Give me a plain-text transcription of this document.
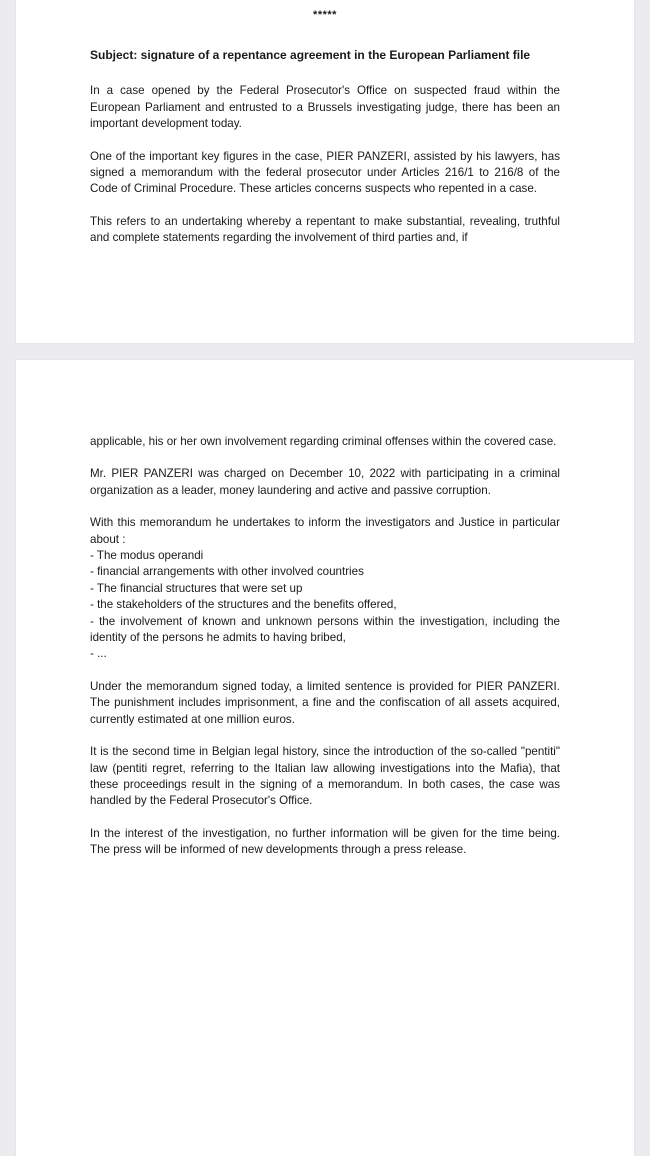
*****

Subject: signature of a repentance agreement in the European Parliament file

In a case opened by the Federal Prosecutor's Office on suspected fraud within the European Parliament and entrusted to a Brussels investigating judge, there has been an important development today.

One of the important key figures in the case, PIER PANZERI, assisted by his lawyers, has signed a memorandum with the federal prosecutor under Articles 216/1 to 216/8 of the Code of Criminal Procedure. These articles concerns suspects who repented in a case.

This refers to an undertaking whereby a repentant to make substantial, revealing, truthful and complete statements regarding the involvement of third parties and, if

applicable, his or her own involvement regarding criminal offenses within the covered case.

Mr. PIER PANZERI was charged on December 10, 2022 with participating in a criminal organization as a leader, money laundering and active and passive corruption.

With this memorandum he undertakes to inform the investigators and Justice in particular about :

- The modus operandi
- financial arrangements with other involved countries
- The financial structures that were set up
- the stakeholders of the structures and the benefits offered,
- the involvement of known and unknown persons within the investigation, including the identity of the persons he admits to having bribed,
- ...

Under the memorandum signed today, a limited sentence is provided for PIER PANZERI. The punishment includes imprisonment, a fine and the confiscation of all assets acquired, currently estimated at one million euros.

It is the second time in Belgian legal history, since the introduction of the so-called "pentiti" law (pentiti regret, referring to the Italian law allowing investigations into the Mafia), that these proceedings result in the signing of a memorandum. In both cases, the case was handled by the Federal Prosecutor's Office.

In the interest of the investigation, no further information will be given for the time being. The press will be informed of new developments through a press release.
